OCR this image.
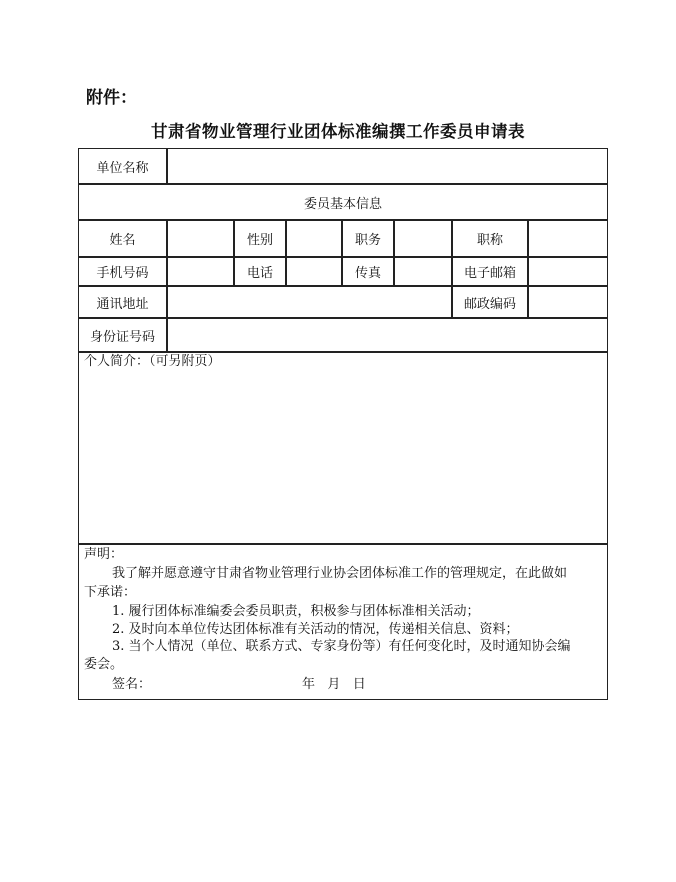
附件：
甘肃省物业管理行业团体标准编撰工作委员申请表
单位名称
委员基本信息
姓名	性别	职务	职称
手机号码	电话	传真	电子邮箱
通讯地址	邮政编码
身份证号码
个人简介：（可另附页）
声明：
我了解并愿意遵守甘肃省物业管理行业协会团体标准工作的管理规定，在此做如
下承诺：
1. 履行团体标准编委会委员职责，积极参与团体标准相关活动；
2. 及时向本单位传达团体标准有关活动的情况，传递相关信息、资料；
3. 当个人情况（单位、联系方式、专家身份等）有任何变化时，及时通知协会编
委会。
签名：	年   月   日
